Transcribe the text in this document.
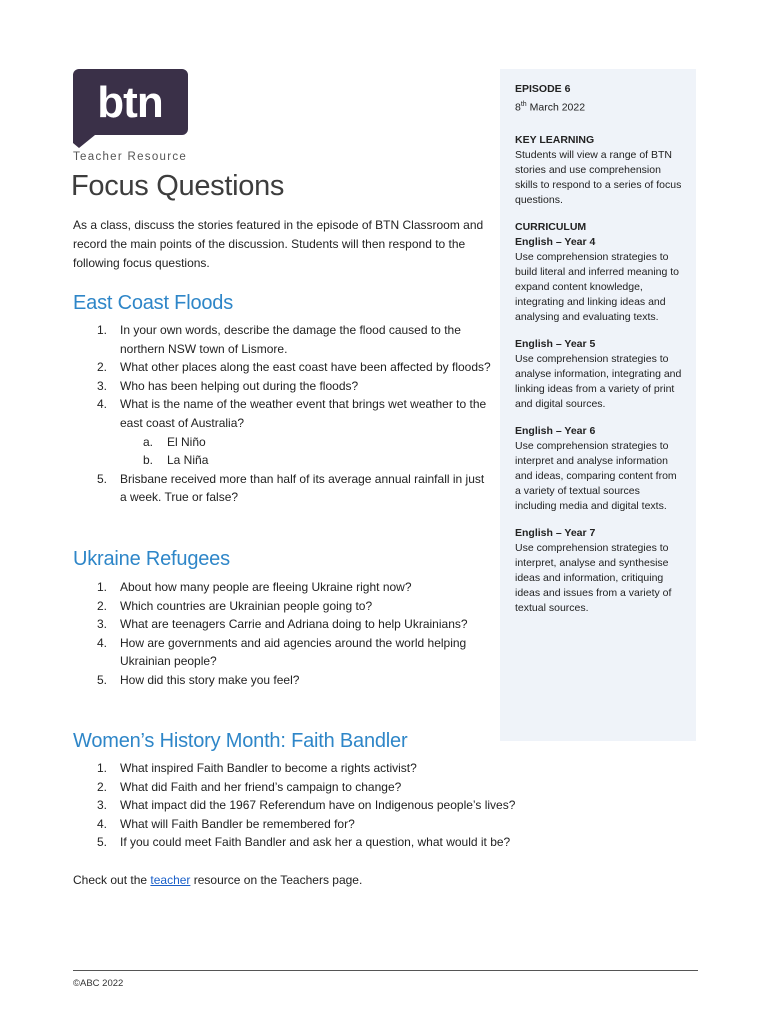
btn
Teacher Resource
Focus Questions

As a class, discuss the stories featured in the episode of BTN Classroom and record the main points of the discussion. Students will then respond to the following focus questions.

East Coast Floods
1. In your own words, describe the damage the flood caused to the northern NSW town of Lismore.
2. What other places along the east coast have been affected by floods?
3. Who has been helping out during the floods?
4. What is the name of the weather event that brings wet weather to the east coast of Australia?
a. El Niño
b. La Niña
5. Brisbane received more than half of its average annual rainfall in just a week. True or false?
Ukraine Refugees
1. About how many people are fleeing Ukraine right now?
2. Which countries are Ukrainian people going to?
3. What are teenagers Carrie and Adriana doing to help Ukrainians?
4. How are governments and aid agencies around the world helping Ukrainian people?
5. How did this story make you feel?
Women’s History Month: Faith Bandler
1. What inspired Faith Bandler to become a rights activist?
2. What did Faith and her friend’s campaign to change?
3. What impact did the 1967 Referendum have on Indigenous people’s lives?
4. What will Faith Bandler be remembered for?
5. If you could meet Faith Bandler and ask her a question, what would it be?
EPISODE 6
8th March 2022
KEY LEARNING
Students will view a range of BTN stories and use comprehension skills to respond to a series of focus questions.
CURRICULUM
English – Year 4
Use comprehension strategies to build literal and inferred meaning to expand content knowledge, integrating and linking ideas and analysing and evaluating texts.
English – Year 5
Use comprehension strategies to analyse information, integrating and linking ideas from a variety of print and digital sources.
English – Year 6
Use comprehension strategies to interpret and analyse information and ideas, comparing content from a variety of textual sources including media and digital texts.
English – Year 7
Use comprehension strategies to interpret, analyse and synthesise ideas and information, critiquing ideas and issues from a variety of textual sources.

Check out the teacher resource on the Teachers page.

©ABC 2022
